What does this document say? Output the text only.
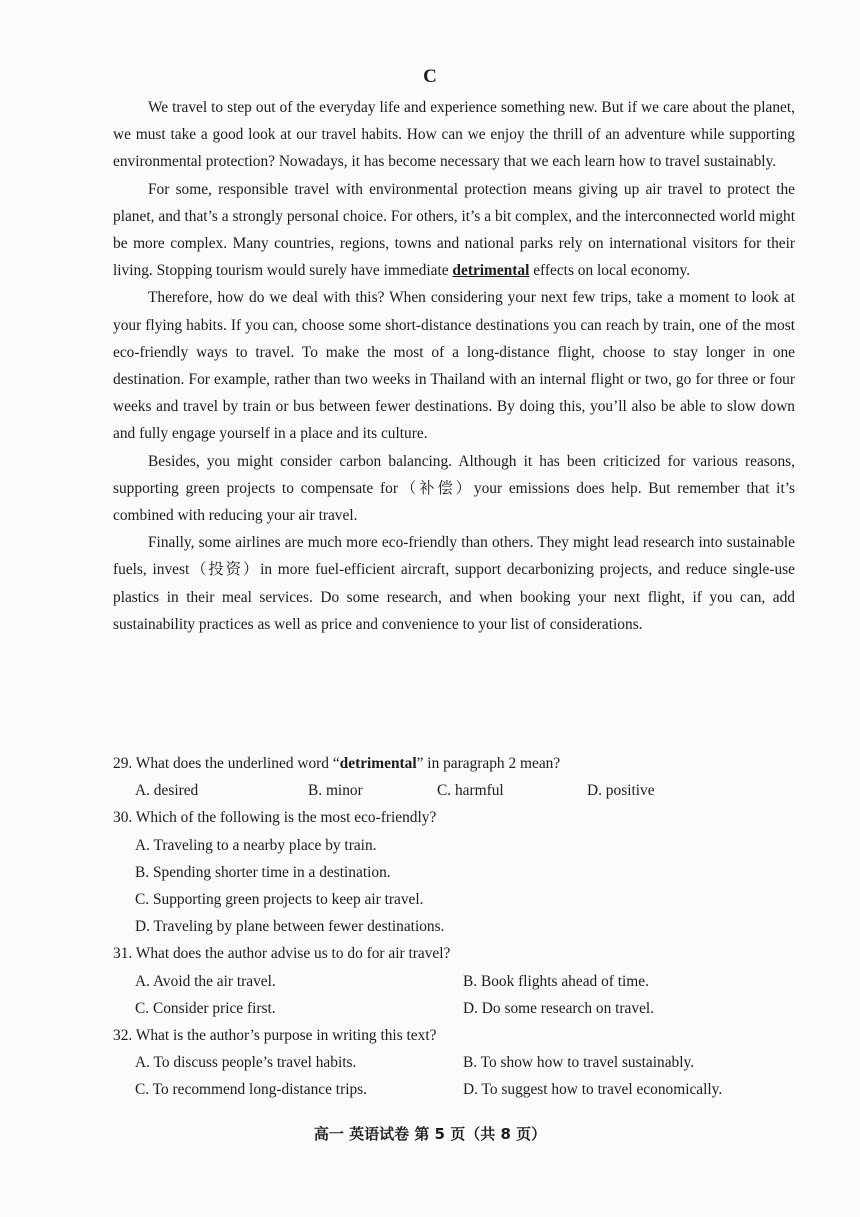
C

We travel to step out of the everyday life and experience something new. But if we care about the planet, we must take a good look at our travel habits. How can we enjoy the thrill of an adventure while supporting environmental protection? Nowadays, it has become necessary that we each learn how to travel sustainably.

For some, responsible travel with environmental protection means giving up air travel to protect the planet, and that’s a strongly personal choice. For others, it’s a bit complex, and the interconnected world might be more complex. Many countries, regions, towns and national parks rely on international visitors for their living. Stopping tourism would surely have immediate detrimental effects on local economy.

Therefore, how do we deal with this? When considering your next few trips, take a moment to look at your flying habits. If you can, choose some short-distance destinations you can reach by train, one of the most eco-friendly ways to travel. To make the most of a long-distance flight, choose to stay longer in one destination. For example, rather than two weeks in Thailand with an internal flight or two, go for three or four weeks and travel by train or bus between fewer destinations. By doing this, you’ll also be able to slow down and fully engage yourself in a place and its culture.

Besides, you might consider carbon balancing. Although it has been criticized for various reasons, supporting green projects to compensate for（补偿）your emissions does help. But remember that it’s combined with reducing your air travel.

Finally, some airlines are much more eco-friendly than others. They might lead research into sustainable fuels, invest（投资）in more fuel-efficient aircraft, support decarbonizing projects, and reduce single-use plastics in their meal services. Do some research, and when booking your next flight, if you can, add sustainability practices as well as price and convenience to your list of considerations.

29. What does the underlined word “detrimental” in paragraph 2 mean?

A. desired	B. minor	C. harmful	D. positive

30. Which of the following is the most eco-friendly?

A. Traveling to a nearby place by train.

B. Spending shorter time in a destination.

C. Supporting green projects to keep air travel.

D. Traveling by plane between fewer destinations.

31. What does the author advise us to do for air travel?

A. Avoid the air travel.	B. Book flights ahead of time.
C. Consider price first.	D. Do some research on travel.

32. What is the author’s purpose in writing this text?

A. To discuss people’s travel habits.	B. To show how to travel sustainably.
C. To recommend long-distance trips.	D. To suggest how to travel economically.
高一 英语试卷 第 5 页（共 8 页）
